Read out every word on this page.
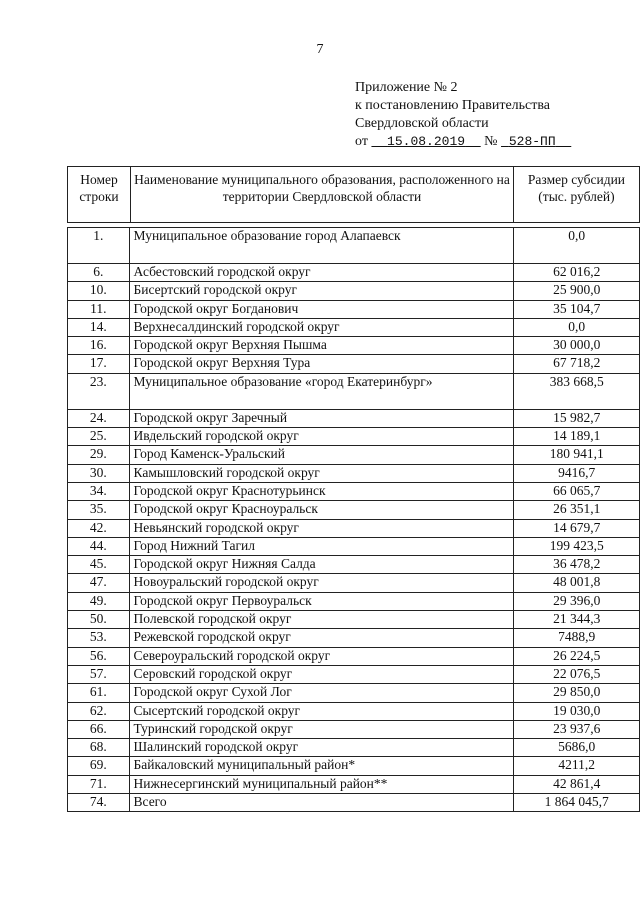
7
Приложение № 2
к постановлению Правительства
Свердловской области
от 15.08.2019 № 528-ПП
Номер строки	Наименование муниципального образования, расположенного на территории Свердловской области	Размер субсидии (тыс. рублей)
1.	Муниципальное образование город Алапаевск	0,0
6.	Асбестовский городской округ	62 016,2
10.	Бисертский городской округ	25 900,0
11.	Городской округ Богданович	35 104,7
14.	Верхнесалдинский городской округ	0,0
16.	Городской округ Верхняя Пышма	30 000,0
17.	Городской округ Верхняя Тура	67 718,2
23.	Муниципальное образование «город Екатеринбург»	383 668,5
24.	Городской округ Заречный	15 982,7
25.	Ивдельский городской округ	14 189,1
29.	Город Каменск-Уральский	180 941,1
30.	Камышловский городской округ	9416,7
34.	Городской округ Краснотурьинск	66 065,7
35.	Городской округ Красноуральск	26 351,1
42.	Невьянский городской округ	14 679,7
44.	Город Нижний Тагил	199 423,5
45.	Городской округ Нижняя Салда	36 478,2
47.	Новоуральский городской округ	48 001,8
49.	Городской округ Первоуральск	29 396,0
50.	Полевской городской округ	21 344,3
53.	Режевской городской округ	7488,9
56.	Североуральский городской округ	26 224,5
57.	Серовский городской округ	22 076,5
61.	Городской округ Сухой Лог	29 850,0
62.	Сысертский городской округ	19 030,0
66.	Туринский городской округ	23 937,6
68.	Шалинский городской округ	5686,0
69.	Байкаловский муниципальный район*	4211,2
71.	Нижнесергинский муниципальный район**	42 861,4
74.	Всего	1 864 045,7
